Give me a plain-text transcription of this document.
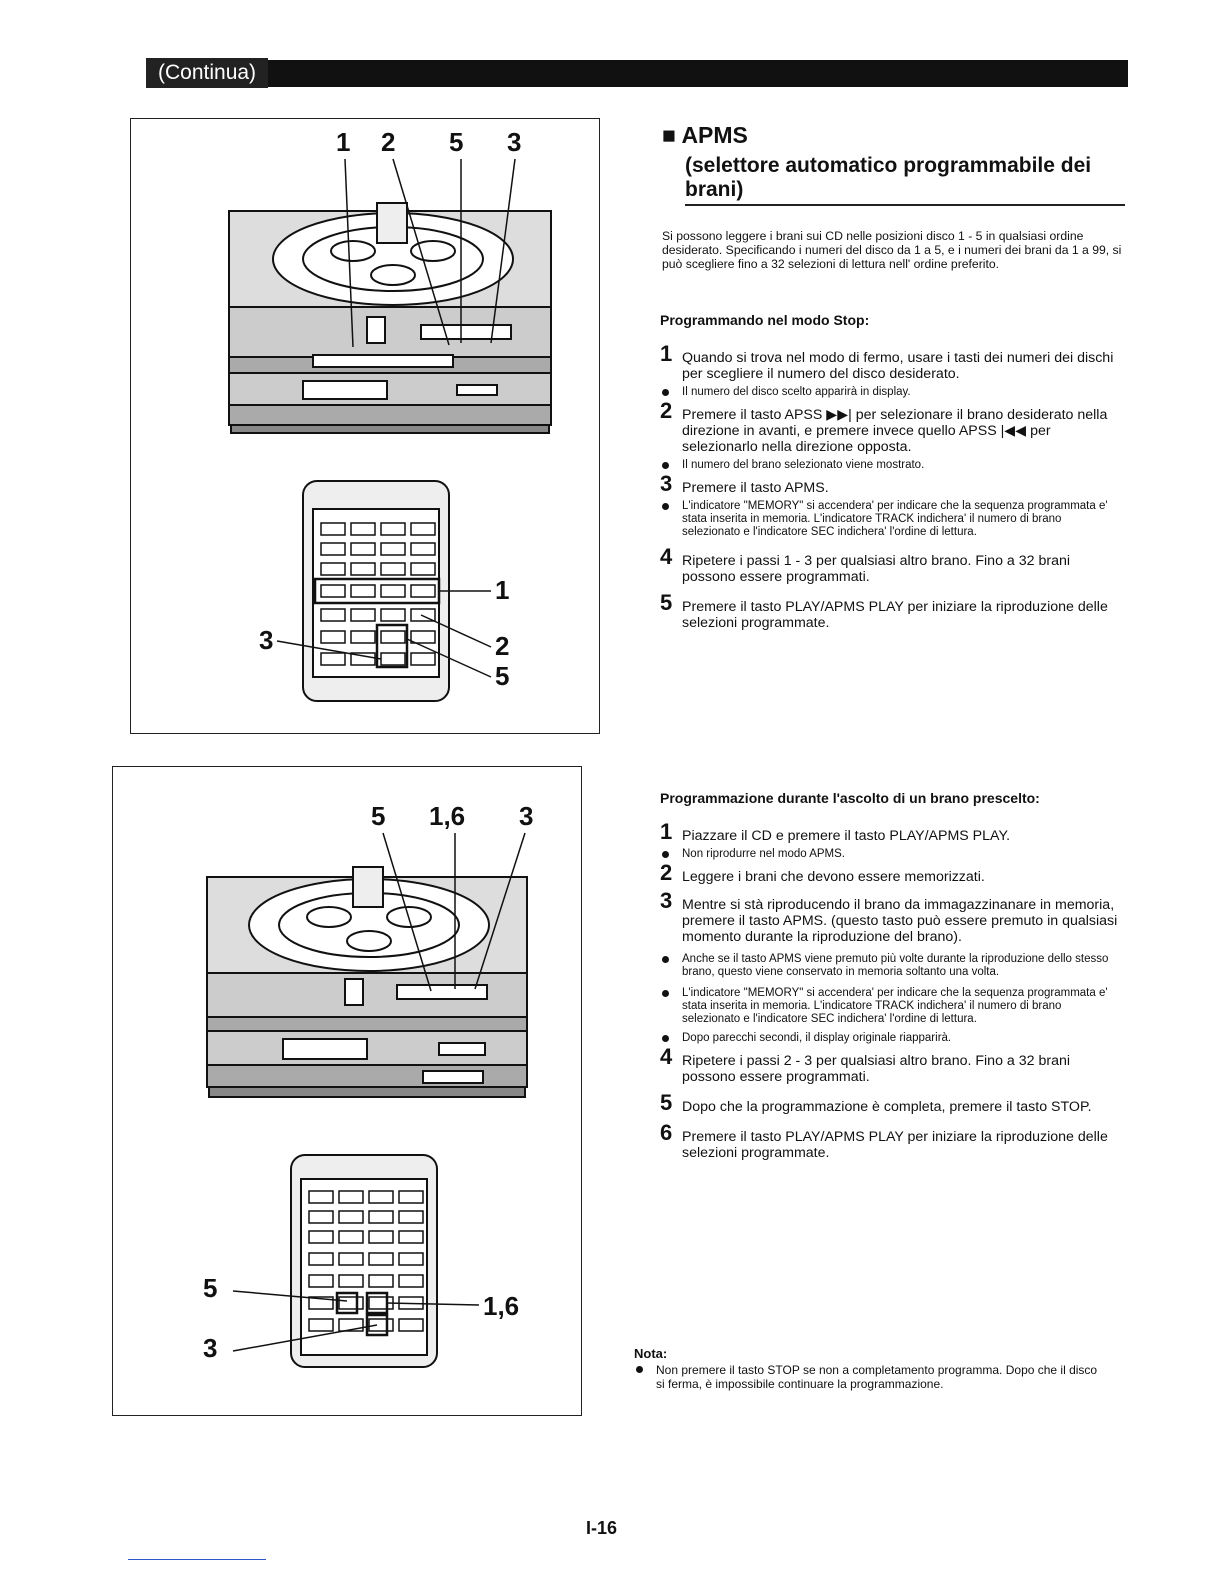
(Continua)
1 2 5 3
3
1
2
5
5 1,6 3
5
3
1,6
■ APMS
(selettore automatico programmabile dei brani)
Si possono leggere i brani sui CD nelle posizioni disco 1 - 5 in qualsiasi ordine desiderato. Specificando i numeri del disco da 1 a 5, e i numeri dei brani da 1 a 99, si può scegliere fino a 32 selezioni di lettura nell' ordine preferito.
Programmando nel modo Stop:
1 Quando si trova nel modo di fermo, usare i tasti dei numeri dei dischi per scegliere il numero del disco desiderato.
Il numero del disco scelto apparirà in display.
2 Premere il tasto APSS ▶▶| per selezionare il brano desiderato nella direzione in avanti, e premere invece quello APSS |◀◀ per selezionarlo nella direzione opposta.
Il numero del brano selezionato viene mostrato.
3 Premere il tasto APMS.
L'indicatore "MEMORY" si accendera' per indicare che la sequenza programmata e' stata inserita in memoria. L'indicatore TRACK indichera' il numero di brano selezionato e l'indicatore SEC indichera' l'ordine di lettura.
4 Ripetere i passi 1 - 3 per qualsiasi altro brano. Fino a 32 brani possono essere programmati.
5 Premere il tasto PLAY/APMS PLAY per iniziare la riproduzione delle selezioni programmate.
Programmazione durante l'ascolto di un brano prescelto:
1 Piazzare il CD e premere il tasto PLAY/APMS PLAY.
Non riprodurre nel modo APMS.
2 Leggere i brani che devono essere memorizzati.
3 Mentre si stà riproducendo il brano da immagazzinanare in memoria, premere il tasto APMS. (questo tasto può essere premuto in qualsiasi momento durante la riproduzione del brano).
Anche se il tasto APMS viene premuto più volte durante la riproduzione dello stesso brano, questo viene conservato in memoria soltanto una volta.
L'indicatore "MEMORY" si accendera' per indicare che la sequenza programmata e' stata inserita in memoria. L'indicatore TRACK indichera' il numero di brano selezionato e l'indicatore SEC indichera' l'ordine di lettura.
Dopo parecchi secondi, il display originale riapparirà.
4 Ripetere i passi 2 - 3 per qualsiasi altro brano. Fino a 32 brani possono essere programmati.
5 Dopo che la programmazione è completa, premere il tasto STOP.
6 Premere il tasto PLAY/APMS PLAY per iniziare la riproduzione delle selezioni programmate.
Nota:
Non premere il tasto STOP se non a completamento programma. Dopo che il disco si ferma, è impossibile continuare la programmazione.
I-16
